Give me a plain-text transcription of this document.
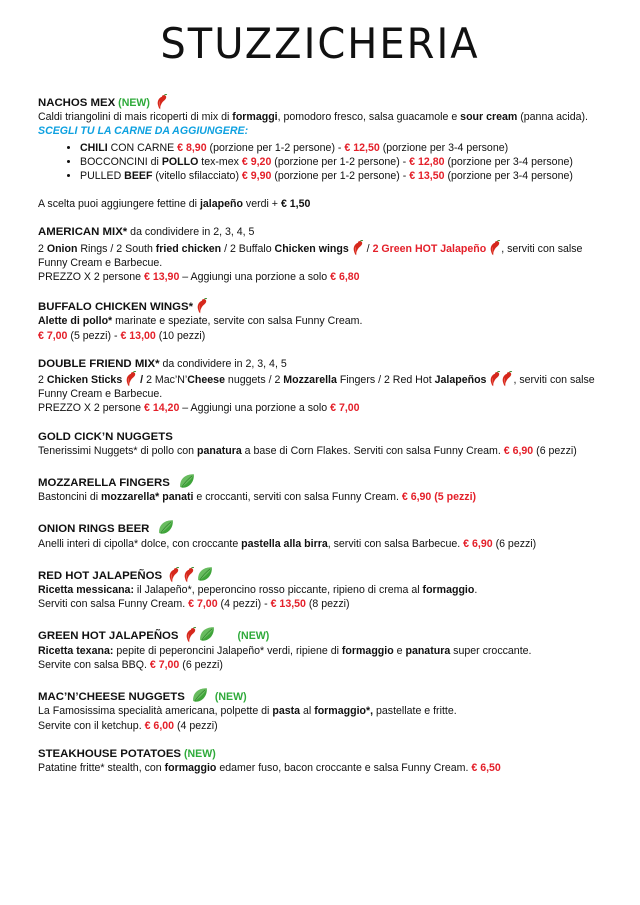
STUZZICHERIA
NACHOS MEX (NEW)
Caldi triangolini di mais ricoperti di mix di formaggi, pomodoro fresco, salsa guacamole e sour cream (panna acida).
SCEGLI TU LA CARNE DA AGGIUNGERE:
• CHILI CON CARNE € 8,90 (porzione per 1-2 persone) - € 12,50 (porzione per 3-4 persone)
• BOCCONCINI di POLLO tex-mex € 9,20 (porzione per 1-2 persone) - € 12,80 (porzione per 3-4 persone)
• PULLED BEEF (vitello sfilacciato) € 9,90 (porzione per 1-2 persone) - € 13,50 (porzione per 3-4 persone)
A scelta puoi aggiungere fettine di jalapeño verdi + € 1,50
AMERICAN MIX* da condividere in 2, 3, 4, 5
2 Onion Rings / 2 South fried chicken / 2 Buffalo Chicken wings
/ 2 Green HOT Jalapeño , serviti con salse Funny Cream e Barbecue.
PREZZO X 2 persone € 13,90 – Aggiungi una porzione a solo € 6,80
BUFFALO CHICKEN WINGS*
Alette di pollo* marinate e speziate, servite con salsa Funny Cream.
€ 7,00 (5 pezzi) - € 13,00 (10 pezzi)
DOUBLE FRIEND MIX* da condividere in 2, 3, 4, 5
2 Chicken Sticks
/ 2 Mac’N’Cheese nuggets / 2 Mozzarella Fingers / 2 Red Hot Jalapeños	, serviti con salse Funny Cream e Barbecue.
PREZZO X 2 persone € 14,20 – Aggiungi una porzione a solo € 7,00
GOLD CICK’N NUGGETS
Tenerissimi Nuggets* di pollo con panatura a base di Corn Flakes. Serviti con salsa Funny Cream. € 6,90 (6 pezzi)
MOZZARELLA FINGERS
Bastoncini di mozzarella* panati e croccanti, serviti con salsa Funny Cream. € 6,90 (5 pezzi)
ONION RINGS BEER
Anelli interi di cipolla* dolce, con croccante pastella alla birra, serviti con salsa Barbecue. € 6,90 (6 pezzi)
RED HOT JALAPEÑOS
Ricetta messicana: il Jalapeño*, peperoncino rosso piccante, ripieno di crema al formaggio.
Serviti con salsa Funny Cream. € 7,00 (4 pezzi) - € 13,50 (8 pezzi)
GREEN HOT JALAPEÑOS	(NEW)
Ricetta texana: pepite di peperoncini Jalapeño* verdi, ripiene di formaggio e panatura super croccante.
Servite con salsa BBQ. € 7,00 (6 pezzi)
MAC’N’CHEESE NUGGETS	(NEW)
La Famosissima specialità americana, polpette di pasta al formaggio*, pastellate e fritte.
Servite con il ketchup. € 6,00 (4 pezzi)
STEAKHOUSE POTATOES (NEW)
Patatine fritte* stealth, con formaggio edamer fuso, bacon croccante e salsa Funny Cream. € 6,50
